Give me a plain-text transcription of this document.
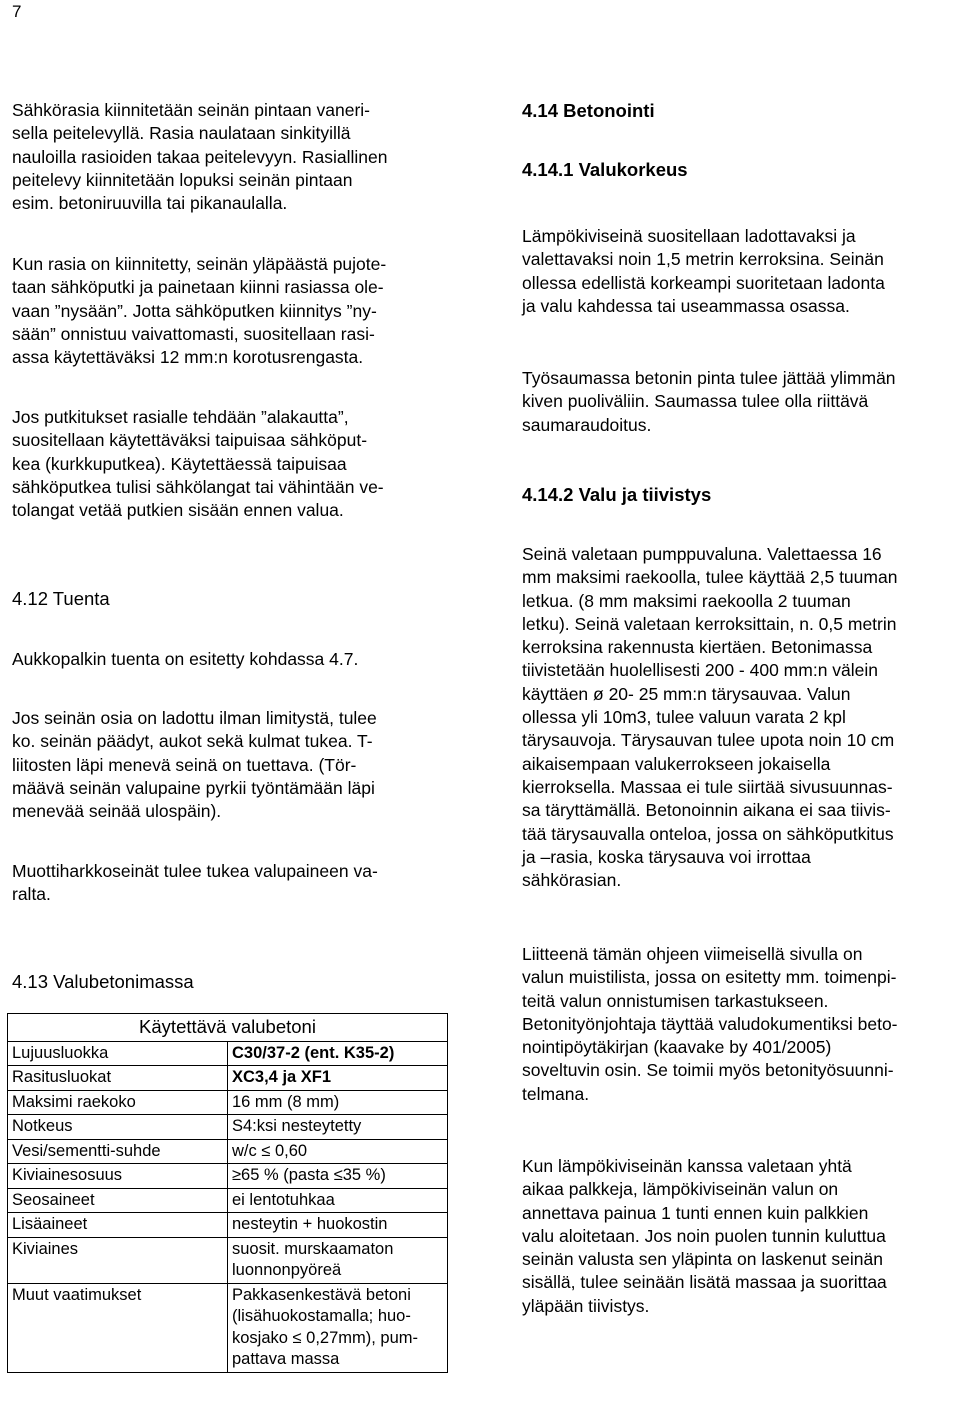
7

Sähkörasia kiinnitetään seinän pintaan vaneri-
sella peitelevyllä. Rasia naulataan sinkityillä
nauloilla rasioiden takaa peitelevyyn. Rasiallinen
peitelevy kiinnitetään lopuksi seinän pintaan
esim. betoniruuvilla tai pikanaulalla.

Kun rasia on kiinnitetty, seinän yläpäästä pujote-
taan sähköputki ja painetaan kiinni rasiassa ole-
vaan ”nysään”. Jotta sähköputken kiinnitys ”ny-
sään” onnistuu vaivattomasti, suositellaan rasi-
assa käytettäväksi 12 mm:n korotusrengasta.

Jos putkitukset rasialle tehdään ”alakautta”,
suositellaan käytettäväksi taipuisaa sähköput-
kea (kurkkuputkea). Käytettäessä taipuisaa
sähköputkea tulisi sähkölangat tai vähintään ve-
tolangat vetää putkien sisään ennen valua.

4.12 Tuenta

Aukkopalkin tuenta on esitetty kohdassa 4.7.

Jos seinän osia on ladottu ilman limitystä, tulee
ko. seinän päädyt, aukot sekä kulmat tukea. T-
liitosten läpi menevä seinä on tuettava. (Tör-
määvä seinän valupaine pyrkii työntämään läpi
menevää seinää ulospäin).

Muottiharkkoseinät tulee tukea valupaineen va-
ralta.

4.13 Valubetonimassa
Käytettävä valubetoni	
Lujuusluokka	C30/37-2 (ent. K35-2)
Rasitusluokat	XC3,4 ja XF1
Maksimi raekoko	16 mm (8 mm)
Notkeus	S4:ksi nesteytetty
Vesi/sementti-suhde	w/c ≤ 0,60
Kiviainesosuus	≥65 % (pasta ≤35 %)
Seosaineet	ei lentotuhkaa
Lisäaineet	nesteytin + huokostin
Kiviaines	suosit. murskaamaton
luonnonpyöreä
Muut vaatimukset	Pakkasenkestävä betoni
(lisähuokostamalla; huo-
kosjako ≤ 0,27mm), pum-
pattava massa
4.14 Betonointi
4.14.1 Valukorkeus

Lämpökiviseinä suositellaan ladottavaksi ja
valettavaksi noin 1,5 metrin kerroksina. Seinän
ollessa edellistä korkeampi suoritetaan ladonta
ja valu kahdessa tai useammassa osassa.

Työsaumassa betonin pinta tulee jättää ylimmän
kiven puoliväliin. Saumassa tulee olla riittävä
saumaraudoitus.

4.14.2 Valu ja tiivistys

Seinä valetaan pumppuvaluna. Valettaessa 16
mm maksimi raekoolla, tulee käyttää 2,5 tuuman
letkua. (8 mm maksimi raekoolla 2 tuuman
letku). Seinä valetaan kerroksittain, n. 0,5 metrin
kerroksina rakennusta kiertäen. Betonimassa
tiivistetään huolellisesti 200 - 400 mm:n välein
käyttäen ø 20- 25 mm:n tärysauvaa. Valun
ollessa yli 10m3, tulee valuun varata 2 kpl
tärysauvoja. Tärysauvan tulee upota noin 10 cm
aikaisempaan valukerrokseen jokaisella
kierroksella. Massaa ei tule siirtää sivusuunnas-
sa täryttämällä. Betonoinnin aikana ei saa tiivis-
tää tärysauvalla onteloa, jossa on sähköputkitus
ja –rasia, koska tärysauva voi irrottaa
sähkörasian.

Liitteenä tämän ohjeen viimeisellä sivulla on
valun muistilista, jossa on esitetty mm. toimenpi-
teitä valun onnistumisen tarkastukseen.
Betonityönjohtaja täyttää valudokumentiksi beto-
nointipöytäkirjan (kaavake by 401/2005)
soveltuvin osin. Se toimii myös betonityösuunni-
telmana.

Kun lämpökiviseinän kanssa valetaan yhtä
aikaa palkkeja, lämpökiviseinän valun on
annettava painua 1 tunti ennen kuin palkkien
valu aloitetaan. Jos noin puolen tunnin kuluttua
seinän valusta sen yläpinta on laskenut seinän
sisällä, tulee seinään lisätä massaa ja suorittaa
yläpään tiivistys.
